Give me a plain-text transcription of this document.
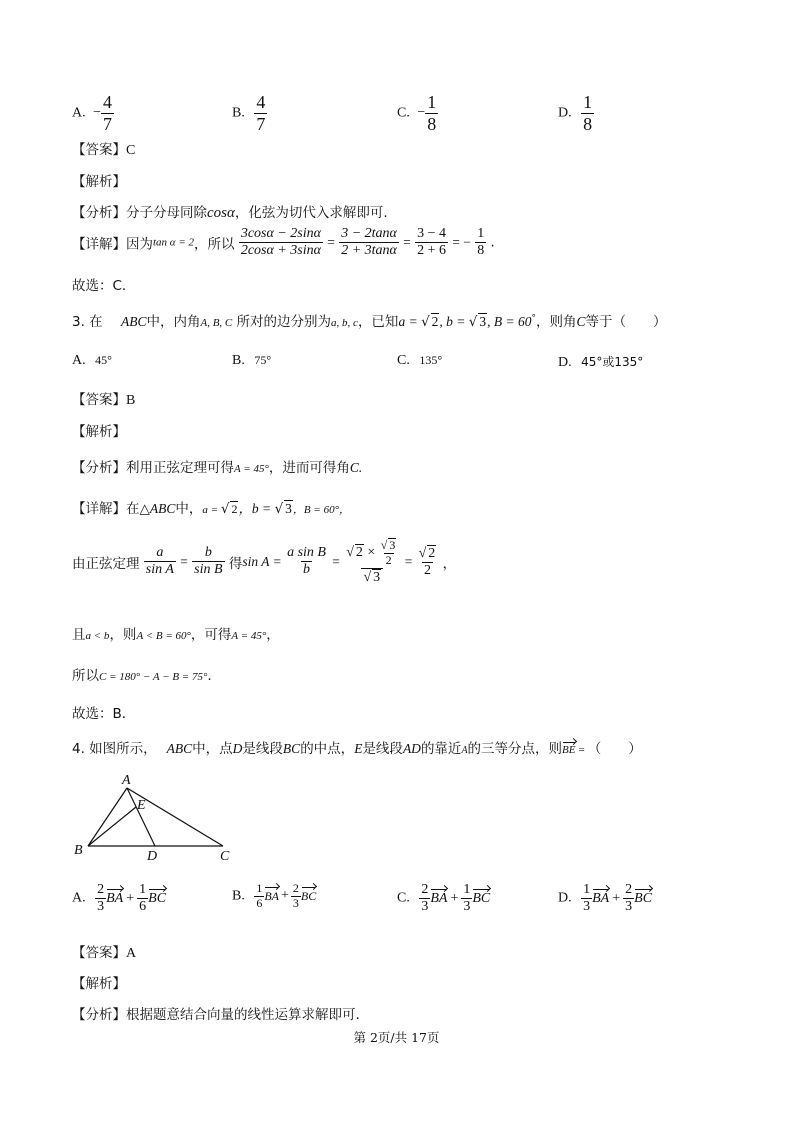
A. − $\frac{4}{7}$	B. $\frac{4}{7}$	C. − $\frac{1}{8}$	D. $\frac{1}{8}$
【答案】C
【解析】
【分析】分子分母同除cosα，化弦为切代入求解即可.
【详解】因为tan α = 2，所以 $\frac{3\cos\alpha - 2\sin\alpha}{2\cos\alpha + 3\sin\alpha} = \frac{3 - 2\tan\alpha}{2 + 3\tan\alpha} = \frac{3 - 4}{2 + 6}$ = − $\frac{1}{8}$ .
故选：C．
3. 在 ABC中，内角A, B, C 所对的边分别为a, b, c，已知a = √ 2, b = √ 3, B = 60°，则角C等于（　　）
A. 45°	B. 75°	C. 135°	D. 45°或135°
【答案】B
【解析】
【分析】利用正弦定理可得A = 45°，进而可得角C.
【详解】在△ABC中，a = √ 2，b = √ 3，B = 60°，
由正弦定理 $\frac{a}{\text{sin A}} = \frac{b}{\text{sin B}}$ 得$\sin A = \frac{\text{a sin B}}{b} = \frac{√ 2 \times \frac{√ 3}{2}}{√ 3} = \frac{√ 2}{2}$ ，
且a < b，则A < B = 60°，可得A = 45°，
所以C = 180° − A − B = 75°.
故选：B．
4. 如图所示， ABC中，点D是线段BC的中点，E是线段AD的靠近A的三等分点，则BE = （　　）
A
B	C
D
E
A. $\frac{2}{3}$ BA + $\frac{1}{6}$ BC	B. $\frac{1}{6}$ BA + $\frac{2}{3}$ BC	C. $\frac{2}{3}$ BA + $\frac{1}{3}$ BC	D. $\frac{1}{3}$ BA + $\frac{2}{3}$ BC
【答案】A
【解析】
【分析】根据题意结合向量的线性运算求解即可.
第 2页/共 17页
